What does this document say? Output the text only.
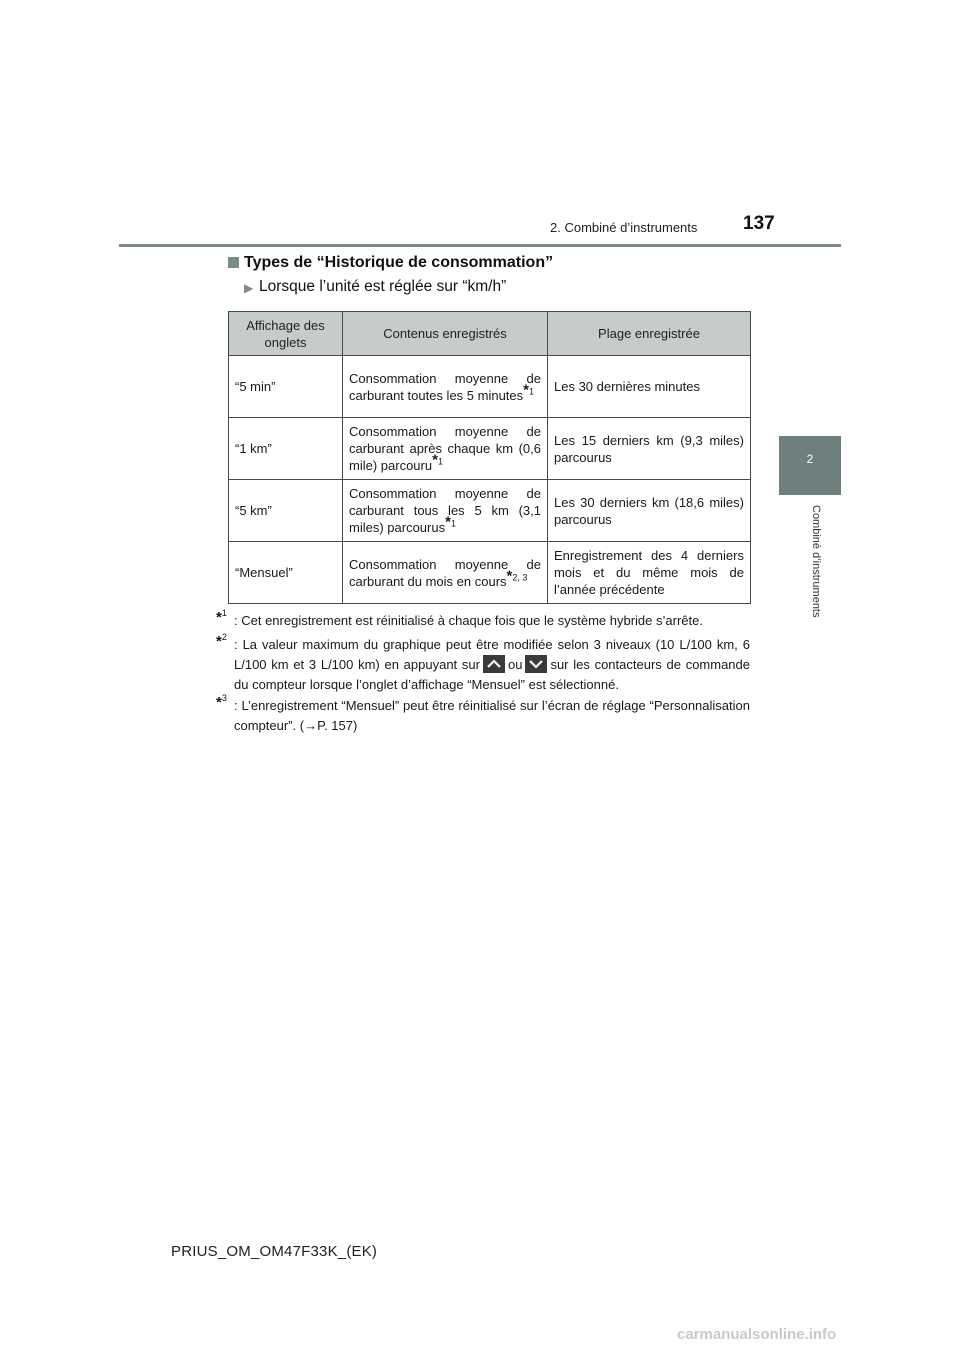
2. Combiné d’instruments 137
2
Combiné d’instruments
Types de “Historique de consommation”
▶ Lorsque l’unité est réglée sur “km/h”
Affichage des onglets	Contenus enregistrés	Plage enregistrée
“5 min”	Consommation moyenne de carburant toutes les 5 minutes*$^1$	Les 30 dernières minutes
“1 km”	Consommation moyenne de carburant après chaque km (0,6 mile) parcouru*$^1$	Les 15 derniers km (9,3 miles) parcourus
“5 km”	Consommation moyenne de carburant tous les 5 km (3,1 miles) parcourus*$^1$	Les 30 derniers km (18,6 miles) parcourus
“Mensuel”	Consommation moyenne de carburant du mois en cours*$^{2, 3}$	Enregistrement des 4 derniers mois et du même mois de l’année précédente
*$^1$ : Cet enregistrement est réinitialisé à chaque fois que le système hybride s’arrête.
*$^2$ : La valeur maximum du graphique peut être modifiée selon 3 niveaux (10 L/100 km, 6 L/100 km et 3 L/100 km) en appuyant sur ou sur les contacteurs de commande du compteur lorsque l’onglet d’affichage “Mensuel” est sélectionné.
*$^3$ : L’enregistrement “Mensuel” peut être réinitialisé sur l’écran de réglage “Personnalisation compteur”. (→P. 157)
PRIUS_OM_OM47F33K_(EK)
carmanualsonline.info
